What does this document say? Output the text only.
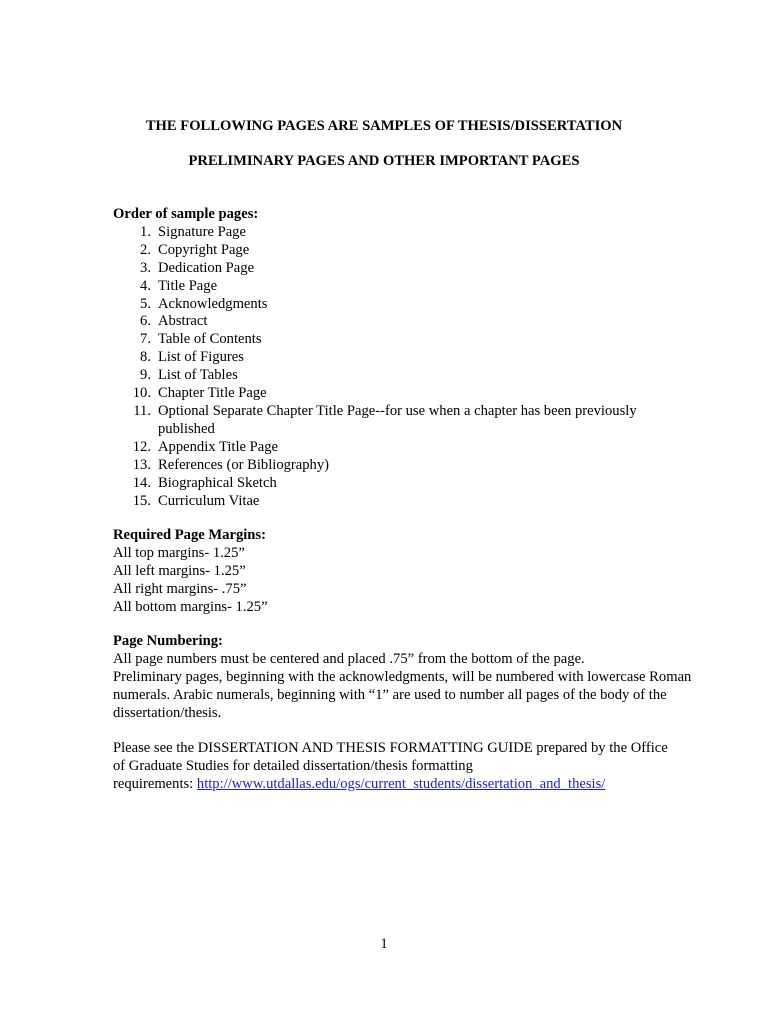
THE FOLLOWING PAGES ARE SAMPLES OF THESIS/DISSERTATION
PRELIMINARY PAGES AND OTHER IMPORTANT PAGES
Order of sample pages:
1. Signature Page
2. Copyright Page
3. Dedication Page
4. Title Page
5. Acknowledgments
6. Abstract
7. Table of Contents
8. List of Figures
9. List of Tables
10. Chapter Title Page
11. Optional Separate Chapter Title Page--for use when a chapter has been previously published
12. Appendix Title Page
13. References (or Bibliography)
14. Biographical Sketch
15. Curriculum Vitae
Required Page Margins:
All top margins- 1.25”
All left margins- 1.25”
All right margins- .75”
All bottom margins- 1.25”
Page Numbering:
All page numbers must be centered and placed .75” from the bottom of the page.
Preliminary pages, beginning with the acknowledgments, will be numbered with lowercase Roman numerals. Arabic numerals, beginning with “1” are used to number all pages of the body of the dissertation/thesis.
Please see the DISSERTATION AND THESIS FORMATTING GUIDE prepared by the Office
of Graduate Studies for detailed dissertation/thesis formatting
requirements: http://www.utdallas.edu/ogs/current_students/dissertation_and_thesis/
1
